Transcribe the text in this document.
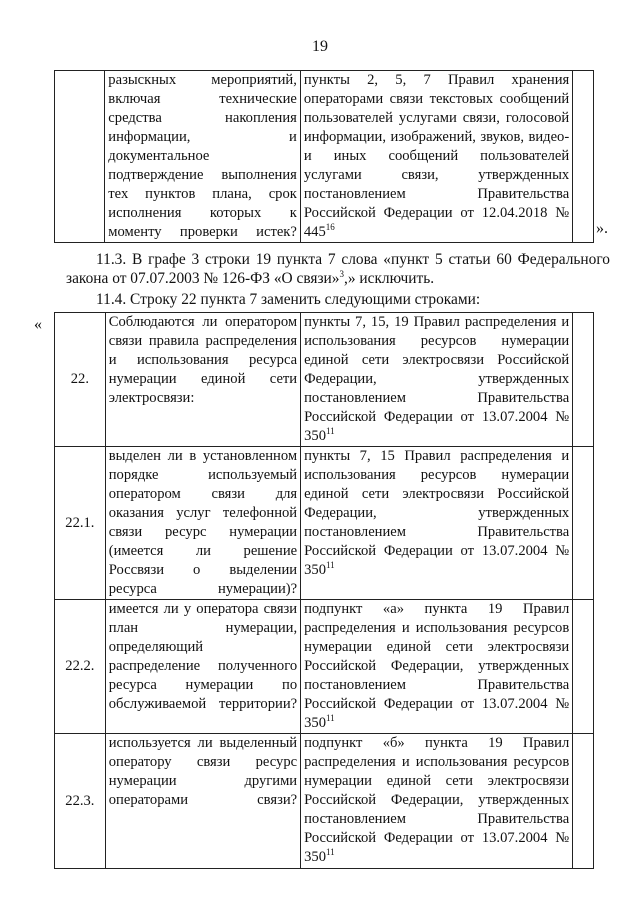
19
	разыскных мероприятий, включая технические средства накопления информации, и документальное подтверждение выполнения тех пунктов плана, срок исполнения которых к моменту проверки истек?	пункты 2, 5, 7 Правил хранения операторами связи текстовых сообщений пользователей услугами связи, голосовой информации, изображений, звуков, видео- и иных сообщений пользователей услугами связи, утвержденных постановлением Правительства Российской Федерации от 12.04.2018 № $445^{16}$		».
11.3. В графе 3 строки 19 пункта 7 слова «пункт 5 статьи 60 Федерального закона от 07.07.2003 № 126-ФЗ «О связи»$^3$,» исключить.
11.4. Строку 22 пункта 7 заменить следующими строками:
«
22.	Соблюдаются ли оператором связи правила распределения и использования ресурса нумерации единой сети электросвязи:	пункты 7, 15, 19 Правил распределения и использования ресурсов нумерации единой сети электросвязи Российской Федерации, утвержденных постановлением Правительства Российской Федерации от 13.07.2004 № $350^{11}$	
22.1.	выделен ли в установленном порядке используемый оператором связи для оказания услуг телефонной связи ресурс нумерации (имеется ли решение Россвязи о выделении ресурса нумерации)?	пункты 7, 15 Правил распределения и использования ресурсов нумерации единой сети электросвязи Российской Федерации, утвержденных постановлением Правительства Российской Федерации от 13.07.2004 № $350^{11}$	
22.2.	имеется ли у оператора связи план нумерации, определяющий распределение полученного ресурса нумерации по обслуживаемой территории?	подпункт «а» пункта 19 Правил распределения и использования ресурсов нумерации единой сети электросвязи Российской Федерации, утвержденных постановлением Правительства Российской Федерации от 13.07.2004 № $350^{11}$	
22.3.	используется ли выделенный оператору связи ресурс нумерации другими операторами связи?	подпункт «б» пункта 19 Правил распределения и использования ресурсов нумерации единой сети электросвязи Российской Федерации, утвержденных постановлением Правительства Российской Федерации от 13.07.2004 № $350^{11}$	
